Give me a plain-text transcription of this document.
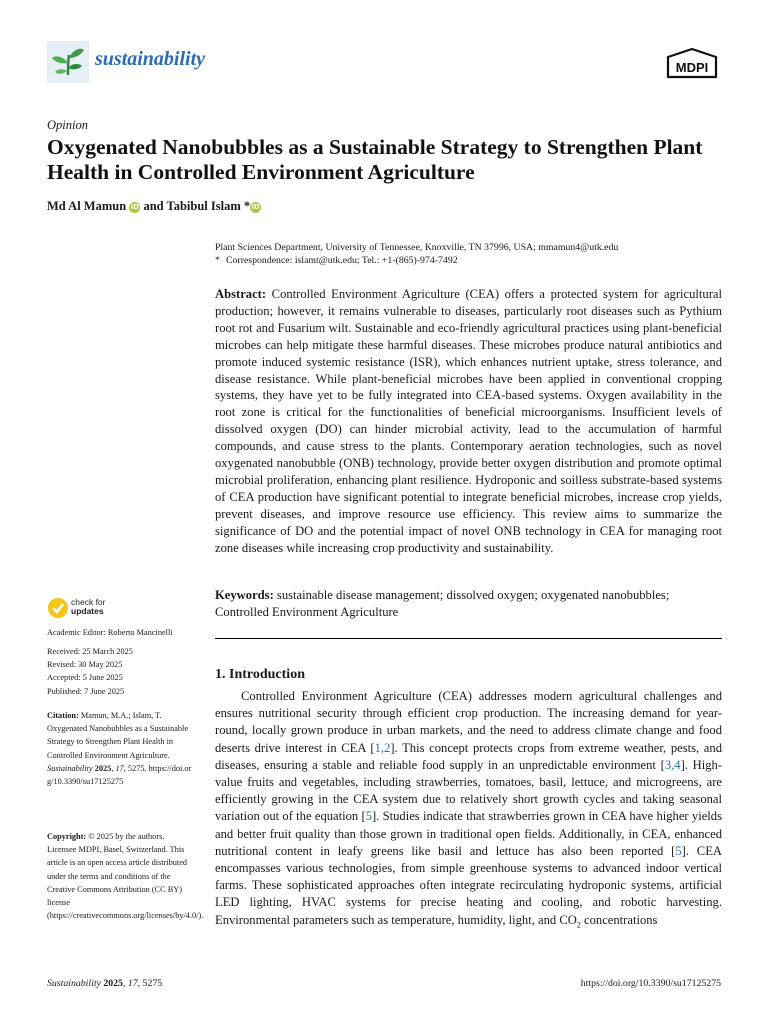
sustainability	MDPI
Opinion
Oxygenated Nanobubbles as a Sustainable Strategy to Strengthen Plant Health in Controlled Environment Agriculture
Md Al Mamun iD and Tabibul Islam *iD
Plant Sciences Department, University of Tennessee, Knoxville, TN 37996, USA; mmamun4@utk.edu
* Correspondence: islamt@utk.edu; Tel.: +1-(865)-974-7492
Abstract: Controlled Environment Agriculture (CEA) offers a protected system for agricultural production; however, it remains vulnerable to diseases, particularly root diseases such as Pythium root rot and Fusarium wilt. Sustainable and eco-friendly agricultural practices using plant-beneficial microbes can help mitigate these harmful diseases. These microbes produce natural antibiotics and promote induced systemic resistance (ISR), which enhances nutrient uptake, stress tolerance, and disease resistance. While plant-beneficial microbes have been applied in conventional cropping systems, they have yet to be fully integrated into CEA-based systems. Oxygen availability in the root zone is critical for the functionalities of beneficial microorganisms. Insufficient levels of dissolved oxygen (DO) can hinder microbial activity, lead to the accumulation of harmful compounds, and cause stress to the plants. Contemporary aeration technologies, such as novel oxygenated nanobubble (ONB) technology, provide better oxygen distribution and promote optimal microbial proliferation, enhancing plant resilience. Hydroponic and soilless substrate-based systems of CEA production have significant potential to integrate beneficial microbes, increase crop yields, prevent diseases, and improve resource use efficiency. This review aims to summarize the significance of DO and the potential impact of novel ONB technology in CEA for managing root zone diseases while increasing crop productivity and sustainability.
Keywords: sustainable disease management; dissolved oxygen; oxygenated nanobubbles; Controlled Environment Agriculture
check for
updates
Academic Editor: Roberto Mancinelli
Received: 25 March 2025
Revised: 30 May 2025
Accepted: 5 June 2025
Published: 7 June 2025
Citation: Mamun, M.A.; Islam, T. Oxygenated Nanobubbles as a Sustainable Strategy to Strengthen Plant Health in Controlled Environment Agriculture. Sustainability 2025, 17, 5275. https://doi.org/10.3390/su17125275
Copyright: © 2025 by the authors. Licensee MDPI, Basel, Switzerland. This article is an open access article distributed under the terms and conditions of the Creative Commons Attribution (CC BY) license (https://creativecommons.org/licenses/by/4.0/).
1. Introduction
Controlled Environment Agriculture (CEA) addresses modern agricultural challenges and ensures nutritional security through efficient crop production. The increasing demand for year-round, locally grown produce in urban markets, and the need to address climate change and food deserts drive interest in CEA [1,2]. This concept protects crops from extreme weather, pests, and diseases, ensuring a stable and reliable food supply in an unpredictable environment [3,4]. High-value fruits and vegetables, including strawberries, tomatoes, basil, lettuce, and microgreens, are efficiently growing in the CEA system due to relatively short growth cycles and taking seasonal variation out of the equation [5]. Studies indicate that strawberries grown in CEA have higher yields and better fruit quality than those grown in traditional open fields. Additionally, in CEA, enhanced nutritional content in leafy greens like basil and lettuce has also been reported [5]. CEA encompasses various technologies, from simple greenhouse systems to advanced indoor vertical farms. These sophisticated approaches often integrate recirculating hydroponic systems, artificial LED lighting, HVAC systems for precise heating and cooling, and robotic harvesting. Environmental parameters such as temperature, humidity, light, and $CO_2$ concentrations
Sustainability 2025, 17, 5275	https://doi.org/10.3390/su17125275
